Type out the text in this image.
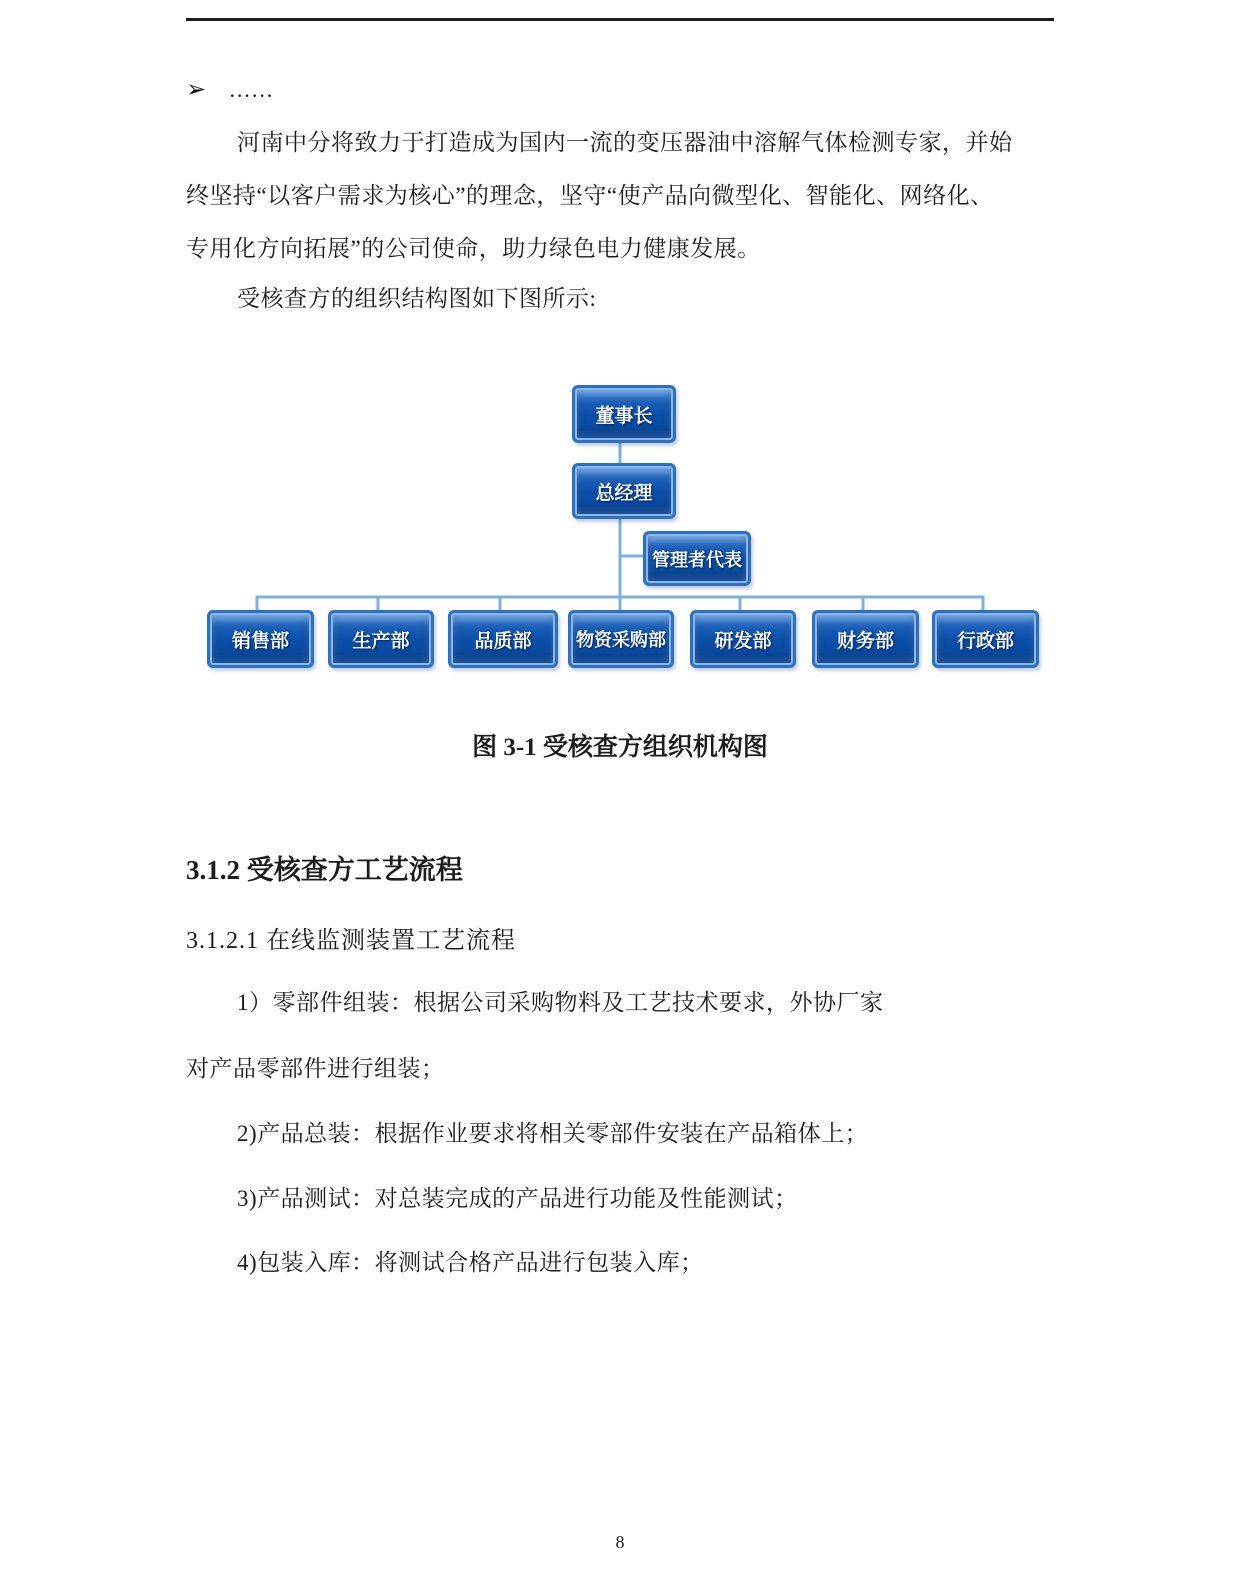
➢ ……
河南中分将致力于打造成为国内一流的变压器油中溶解气体检测专家，并始
终坚持“以客户需求为核心”的理念，坚守“使产品向微型化、智能化、网络化、
专用化方向拓展”的公司使命，助力绿色电力健康发展。
受核查方的组织结构图如下图所示:
董事长
总经理
管理者代表
销售部	生产部	品质部	物资采购部	研发部	财务部	行政部
图 3-1 受核查方组织机构图
3.1.2 受核查方工艺流程
3.1.2.1 在线监测装置工艺流程
1）零部件组装：根据公司采购物料及工艺技术要求，外协厂家
对产品零部件进行组装；
2)产品总装：根据作业要求将相关零部件安装在产品箱体上；
3)产品测试：对总装完成的产品进行功能及性能测试；
4)包装入库：将测试合格产品进行包装入库；
8
